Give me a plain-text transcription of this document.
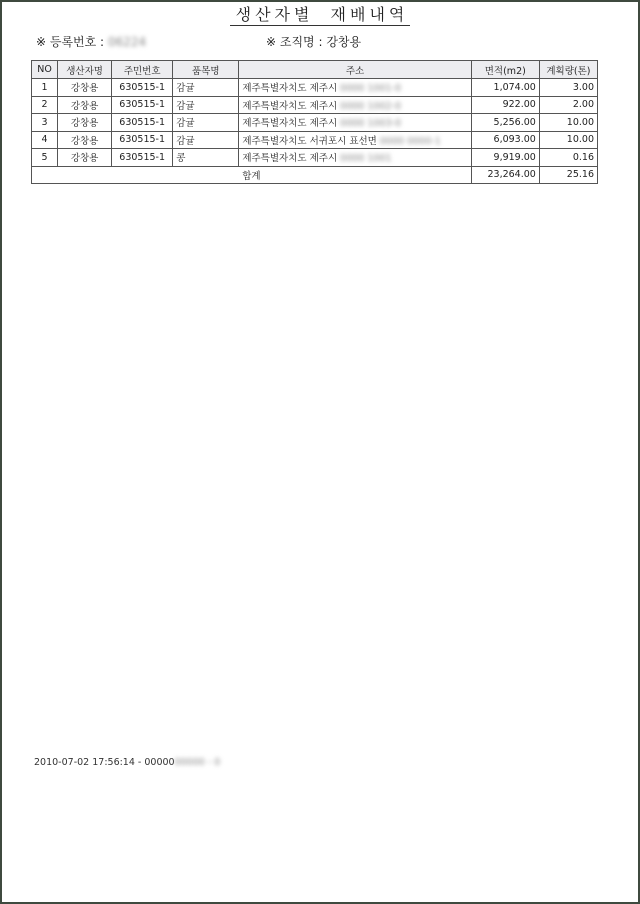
생산자별 재배내역
※ 등록번호 : 06224	※ 조직명 : 강창용
NO	생산자명	주민번호	품목명	주소	면적(m2)	계획량(톤)
1	강창용	630515-1	감귤	제주특별자치도 제주시 0000 1001-0	1,074.00	3.00
2	강창용	630515-1	감귤	제주특별자치도 제주시 0000 1002-0	922.00	2.00
3	강창용	630515-1	감귤	제주특별자치도 제주시 0000 1003-0	5,256.00	10.00
4	강창용	630515-1	감귤	제주특별자치도 서귀포시 표선면 0000 0000-1	6,093.00	10.00
5	강창용	630515-1	콩	제주특별자치도 제주시 0000 1001	9,919.00	0.16
합계					23,264.00	25.16
2010-07-02 17:56:14 - 0000000000 - 0
